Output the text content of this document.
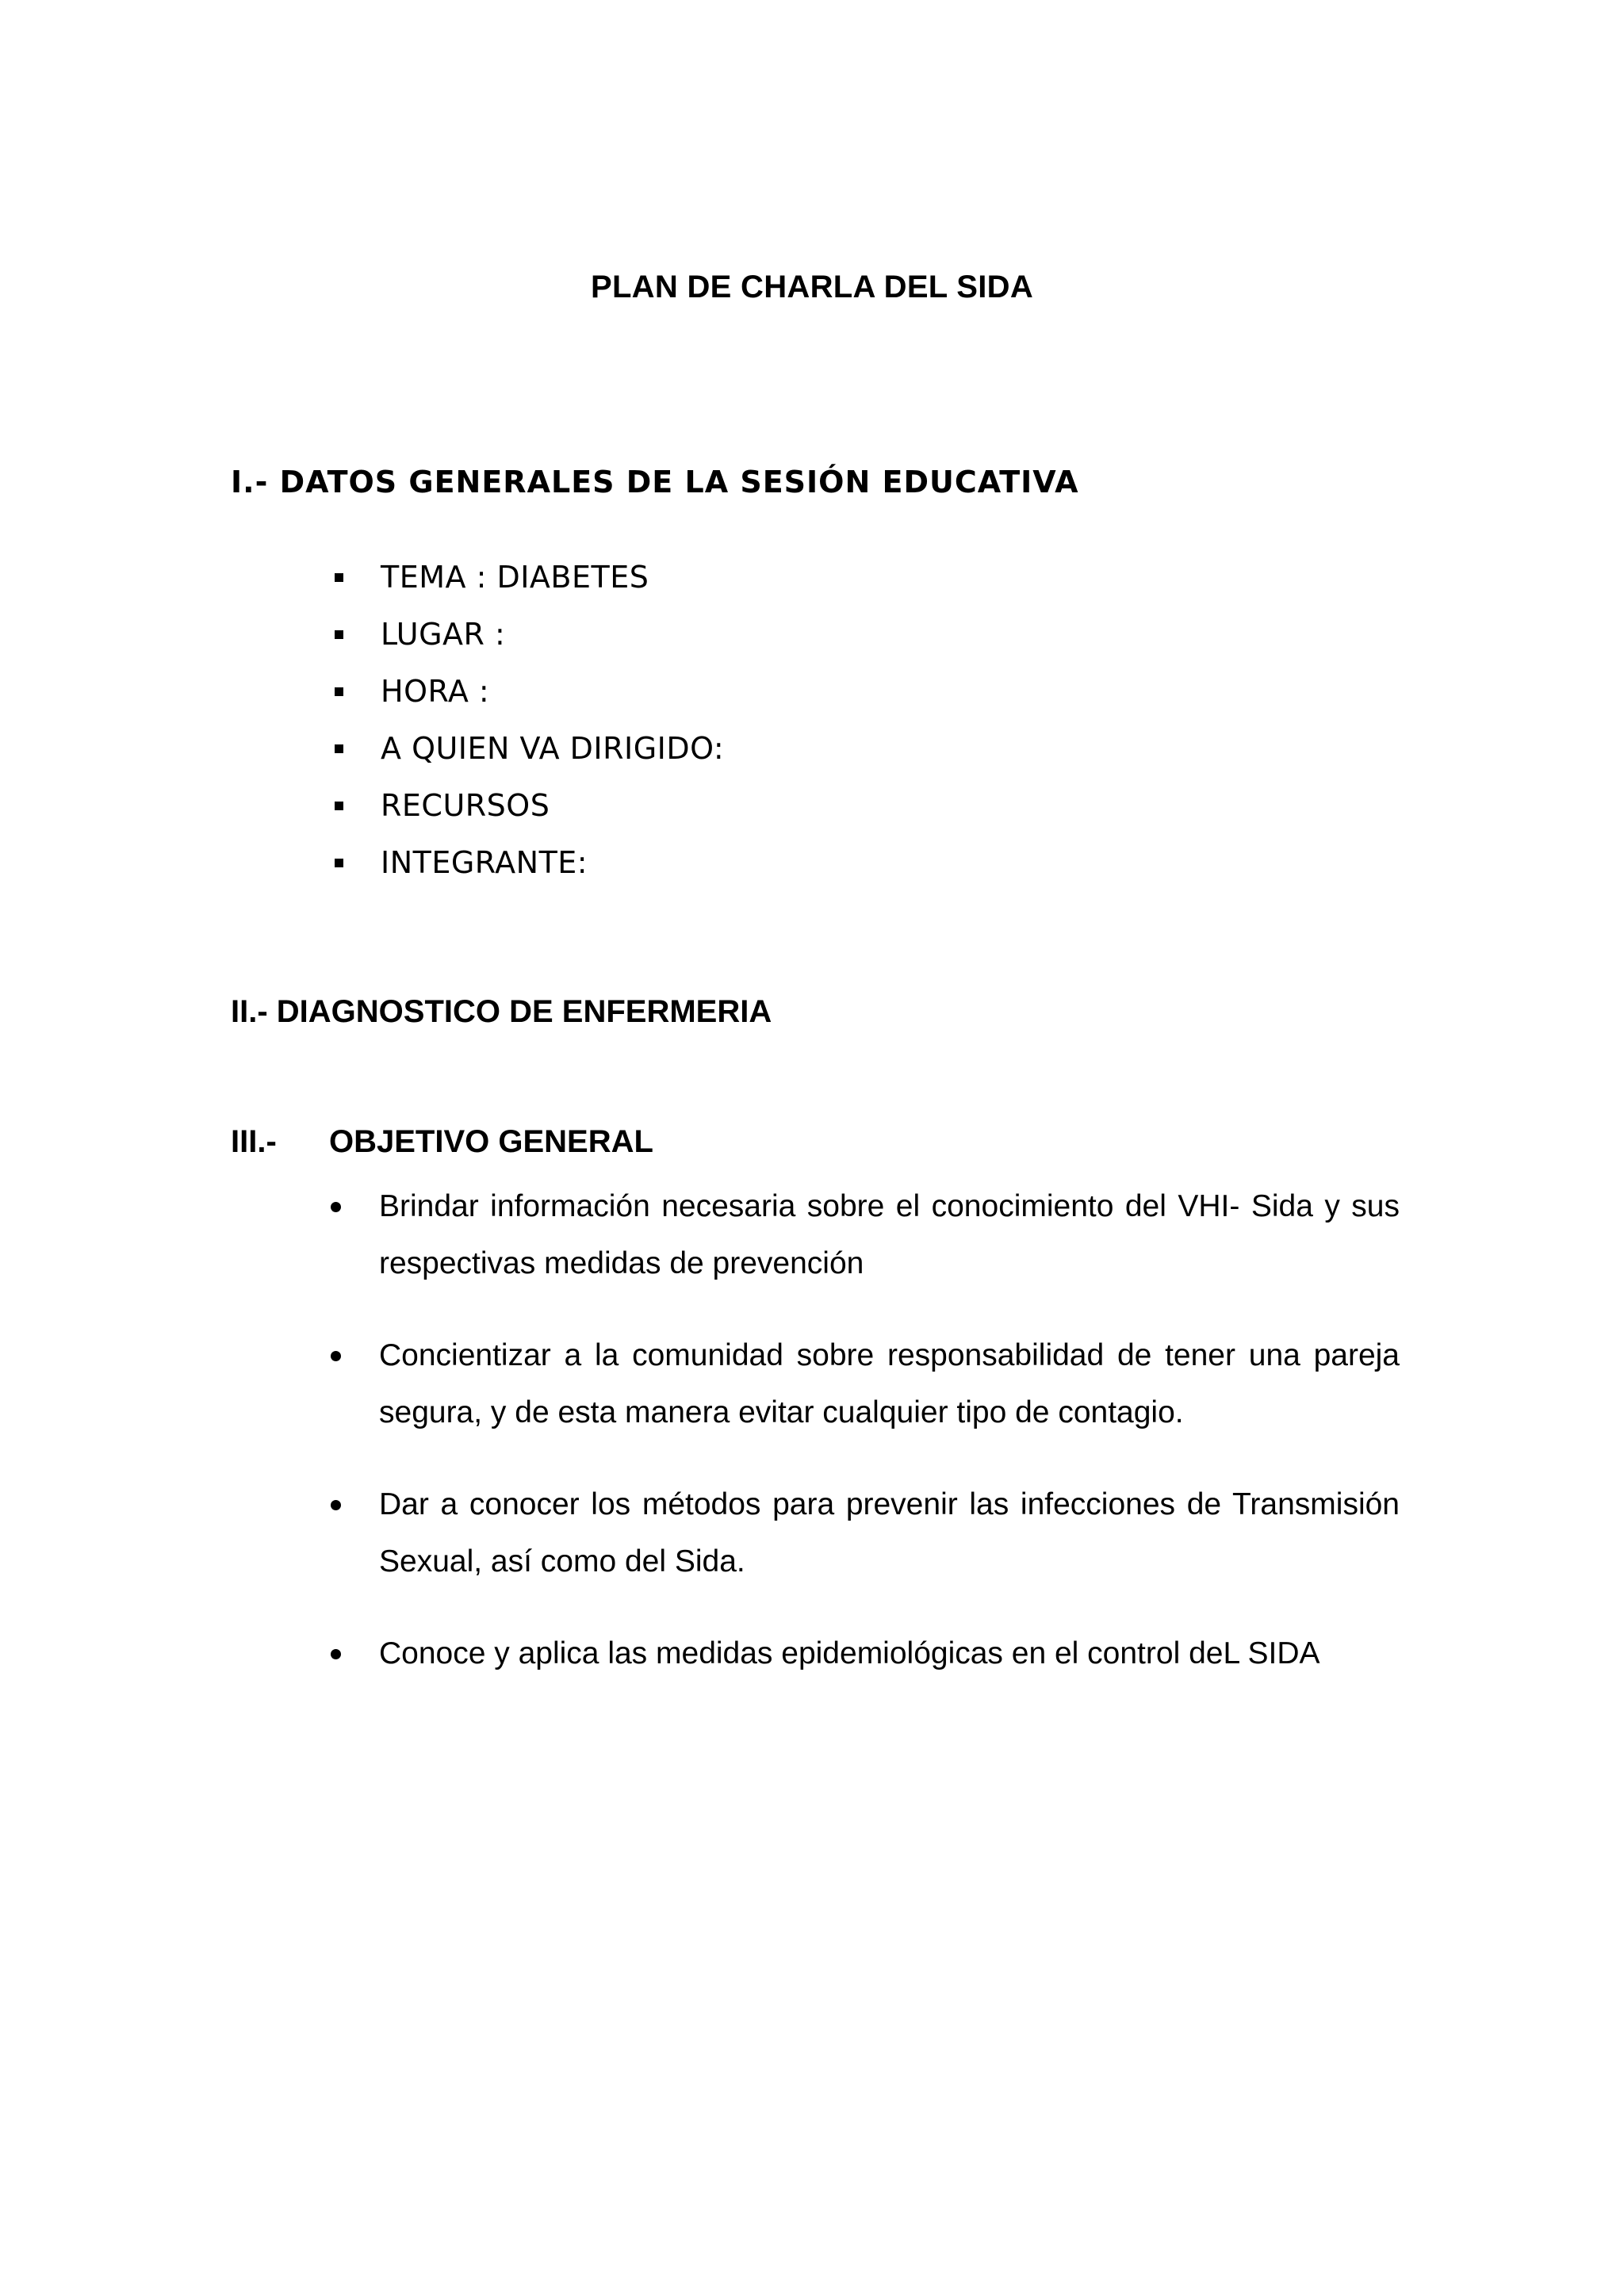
PLAN DE CHARLA DEL SIDA
I.- DATOS GENERALES DE LA SESIÓN EDUCATIVA
TEMA : DIABETES
LUGAR :
HORA :
A QUIEN VA DIRIGIDO:
RECURSOS
INTEGRANTE:
II.- DIAGNOSTICO DE ENFERMERIA
III.- OBJETIVO GENERAL
Brindar información necesaria sobre el conocimiento del VHI- Sida y sus respectivas medidas de prevención
Concientizar a la comunidad sobre responsabilidad de tener una pareja segura, y de esta manera evitar cualquier tipo de contagio.
Dar a conocer los métodos para prevenir las infecciones de Transmisión Sexual, así como del Sida.
Conoce y aplica las medidas epidemiológicas en el control deL SIDA
